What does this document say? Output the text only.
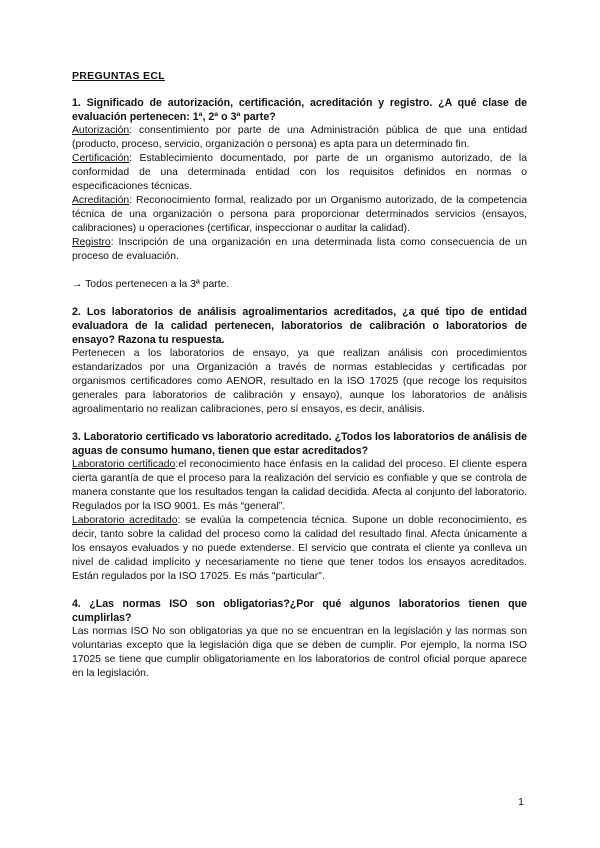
PREGUNTAS ECL

1. Significado de autorización, certificación, acreditación y registro. ¿A qué clase de evaluación pertenecen: 1ª, 2ª o 3ª parte?

Autorización: consentimiento por parte de una Administración pública de que una entidad (producto, proceso, servicio, organización o persona) es apta para un determinado fin.

Certificación: Establecimiento documentado, por parte de un organismo autorizado, de la conformidad de una determinada entidad con los requisitos definidos en normas o especificaciones técnicas.

Acreditación: Reconocimiento formal, realizado por un Organismo autorizado, de la competencia técnica de una organización o persona para proporcionar determinados servicios (ensayos, calibraciones) u operaciones (certificar, inspeccionar o auditar la calidad).

Registro: Inscripción de una organización en una determinada lista como consecuencia de un proceso de evaluación.

→ Todos pertenecen a la 3ª parte.

2. Los laboratorios de análisis agroalimentarios acreditados, ¿a qué tipo de entidad evaluadora de la calidad pertenecen, laboratorios de calibración o laboratorios de ensayo? Razona tu respuesta.

Pertenecen a los laboratorios de ensayo, ya que realizan análisis con procedimientos estandarizados por una Organización a través de normas establecidas y certificadas por organismos certificadores como AENOR, resultado en la ISO 17025 (que recoge los requisitos generales para laboratorios de calibración y ensayo), aunque los laboratorios de análisis agroalimentario no realizan calibraciones, pero sí ensayos, es decir, análisis.

3. Laboratorio certificado vs laboratorio acreditado. ¿Todos los laboratorios de análisis de aguas de consumo humano, tienen que estar acreditados?

Laboratorio certificado:el reconocimiento hace énfasis en la calidad del proceso. El cliente espera cierta garantía de que el proceso para la realización del servicio es confiable y que se controla de manera constante que los resultados tengan la calidad decidida. Afecta al conjunto del laboratorio. Regulados por la ISO 9001. Es más “general”.

Laboratorio acreditado: se evalúa la competencia técnica. Supone un doble reconocimiento, es decir, tanto sobre la calidad del proceso como la calidad del resultado final. Afecta únicamente a los ensayos evaluados y no puede extenderse. El servicio que contrata el cliente ya conlleva un nivel de calidad implícito y necesariamente no tiene que tener todos los ensayos acreditados. Están regulados por la ISO 17025. Es más "particular".

4. ¿Las normas ISO son obligatorias?¿Por qué algunos laboratorios tienen que cumplirlas?

Las normas ISO No son obligatorias ya que no se encuentran en la legislación y las normas son voluntarias excepto que la legislación diga que se deben de cumplir. Por ejemplo, la norma ISO 17025 se tiene que cumplir obligatoriamente en los laboratorios de control oficial porque aparece en la legislación.

1
